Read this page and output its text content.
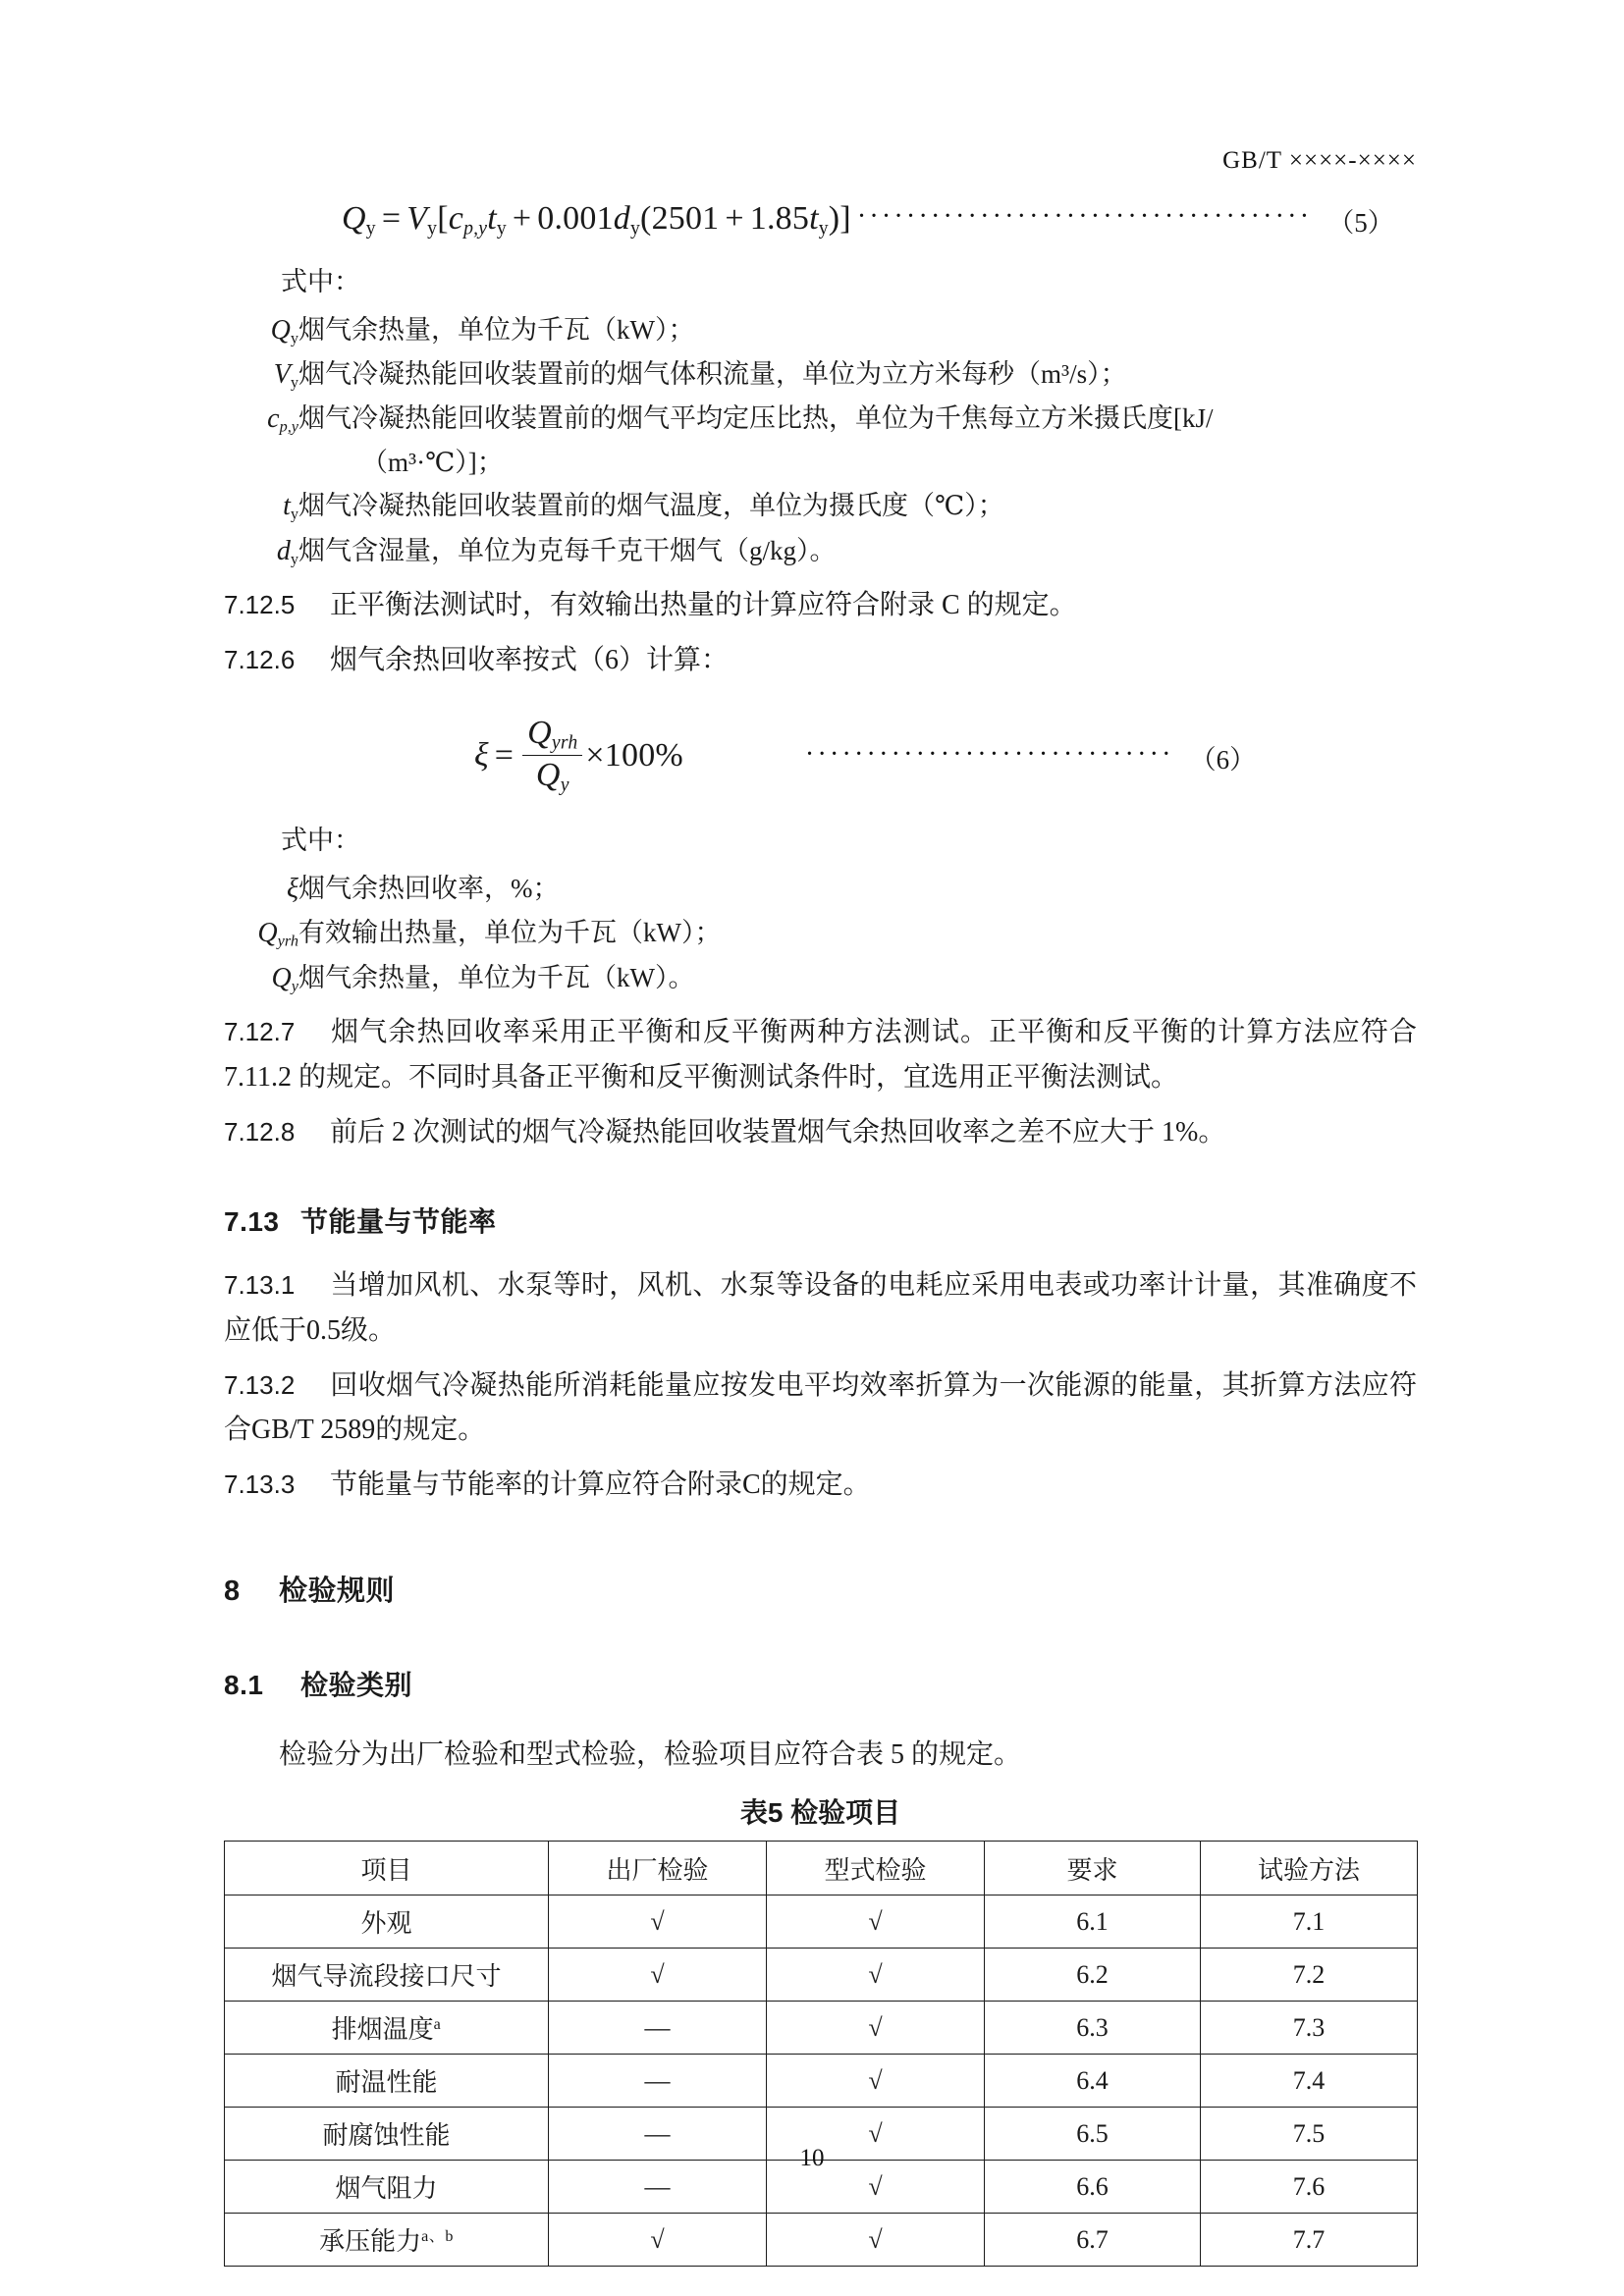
GB/T ××××-××××
$Q_y = V_y[c_{p,y}t_y + 0.001d_y(2501 + 1.85t_y)]$ ····································· （5）
式中：
$Q_y$ 烟气余热量，单位为千瓦（kW）；
$V_y$ 烟气冷凝热能回收装置前的烟气体积流量，单位为立方米每秒（m³/s）；
$c_{p,y}$ 烟气冷凝热能回收装置前的烟气平均定压比热，单位为千焦每立方米摄氏度[kJ/
（m³·℃）]；
$t_y$ 烟气冷凝热能回收装置前的烟气温度，单位为摄氏度（℃）；
$d_y$ 烟气含湿量，单位为克每千克干烟气（g/kg）。
7.12.5 正平衡法测试时，有效输出热量的计算应符合附录 C 的规定。
7.12.6 烟气余热回收率按式（6）计算：
$\xi = \frac{Q_{yrh}}{Q_y} \times 100\%$	······························ （6）
式中：
ξ 烟气余热回收率，%；
$Q_{yrh}$ 有效输出热量，单位为千瓦（kW）；
$Q_y$ 烟气余热量，单位为千瓦（kW）。
7.12.7 烟气余热回收率采用正平衡和反平衡两种方法测试。正平衡和反平衡的计算方法应符合 7.11.2 的规定。不同时具备正平衡和反平衡测试条件时，宜选用正平衡法测试。
7.12.8 前后 2 次测试的烟气冷凝热能回收装置烟气余热回收率之差不应大于 1%。
7.13 节能量与节能率
7.13.1 当增加风机、水泵等时，风机、水泵等设备的电耗应采用电表或功率计计量，其准确度不应低于0.5级。
7.13.2 回收烟气冷凝热能所消耗能量应按发电平均效率折算为一次能源的能量，其折算方法应符合GB/T 2589的规定。
7.13.3 节能量与节能率的计算应符合附录C的规定。
8 检验规则
8.1 检验类别
检验分为出厂检验和型式检验，检验项目应符合表 5 的规定。
表5 检验项目
项目	出厂检验	型式检验	要求	试验方法
外观	√	√	6.1	7.1
烟气导流段接口尺寸	√	√	6.2	7.2
排烟温度$^a$	—	√	6.3	7.3
耐温性能	—	√	6.4	7.4
耐腐蚀性能	—	√	6.5	7.5
烟气阻力	—	√	6.6	7.6
承压能力$^{a、b}$	√	√	6.7	7.7
10
